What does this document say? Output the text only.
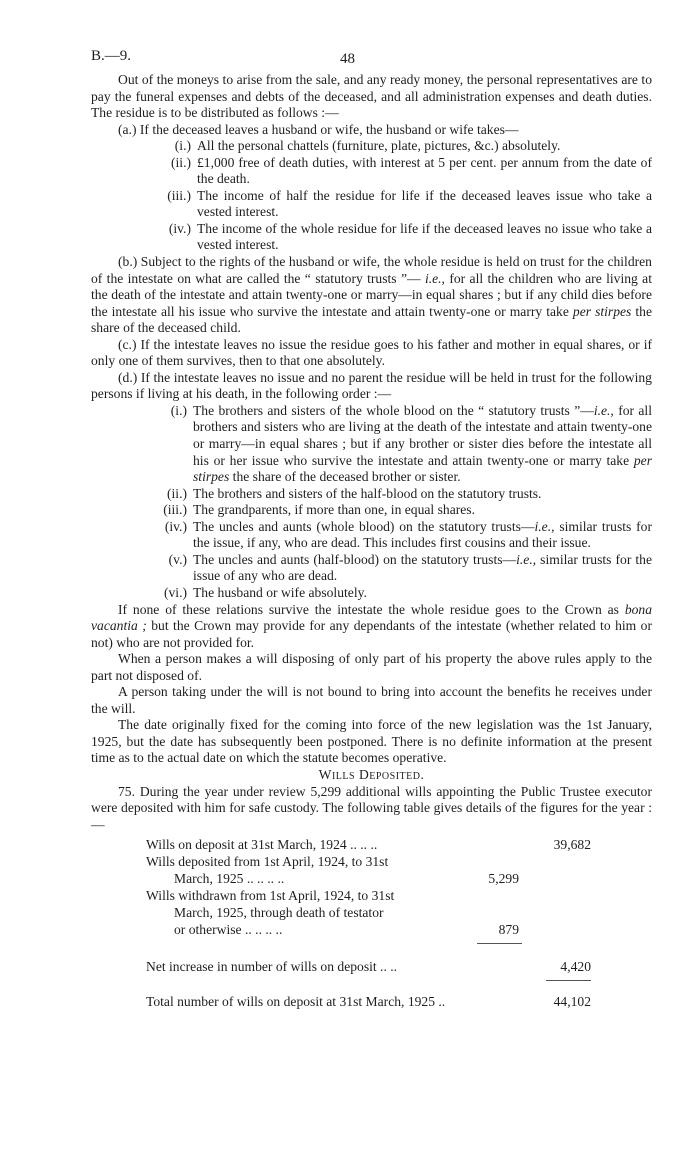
B.—9.	48

Out of the moneys to arise from the sale, and any ready money, the personal representatives are to pay the funeral expenses and debts of the deceased, and all administration expenses and death duties. The residue is to be distributed as follows :—

(a.) If the deceased leaves a husband or wife, the husband or wife takes—

(i.) All the personal chattels (furniture, plate, pictures, &c.) absolutely.
(ii.) £1,000 free of death duties, with interest at 5 per cent. per annum from the date of the death.
(iii.) The income of half the residue for life if the deceased leaves issue who take a vested interest.
(iv.) The income of the whole residue for life if the deceased leaves no issue who take a vested interest.

(b.) Subject to the rights of the husband or wife, the whole residue is held on trust for the children of the intestate on what are called the “ statutory trusts ”— i.e., for all the children who are living at the death of the intestate and attain twenty-one or marry—in equal shares ; but if any child dies before the intestate all his issue who survive the intestate and attain twenty-one or marry take per stirpes the share of the deceased child.

(c.) If the intestate leaves no issue the residue goes to his father and mother in equal shares, or if only one of them survives, then to that one absolutely.

(d.) If the intestate leaves no issue and no parent the residue will be held in trust for the following persons if living at his death, in the following order :—

(i.) The brothers and sisters of the whole blood on the “ statutory trusts ”—i.e., for all brothers and sisters who are living at the death of the intestate and attain twenty-one or marry—in equal shares ; but if any brother or sister dies before the intestate all his or her issue who survive the intestate and attain twenty-one or marry take per stirpes the share of the deceased brother or sister.
(ii.) The brothers and sisters of the half-blood on the statutory trusts.
(iii.) The grandparents, if more than one, in equal shares.
(iv.) The uncles and aunts (whole blood) on the statutory trusts—i.e., similar trusts for the issue, if any, who are dead. This includes first cousins and their issue.
(v.) The uncles and aunts (half-blood) on the statutory trusts—i.e., similar trusts for the issue of any who are dead.
(vi.) The husband or wife absolutely.

If none of these relations survive the intestate the whole residue goes to the Crown as bona vacantia ; but the Crown may provide for any dependants of the intestate (whether related to him or not) who are not provided for.

When a person makes a will disposing of only part of his property the above rules apply to the part not disposed of.

A person taking under the will is not bound to bring into account the benefits he receives under the will.

The date originally fixed for the coming into force of the new legislation was the 1st January, 1925, but the date has subsequently been postponed. There is no definite information at the present time as to the actual date on which the statute becomes operative.

Wills Deposited.

75. During the year under review 5,299 additional wills appointing the Public Trustee executor were deposited with him for safe custody. The following table gives details of the figures for the year :—

Wills on deposit at 31st March, 1924 .. .. ..	39,682
Wills deposited from 1st April, 1924, to 31st
March, 1925 .. .. .. ..	5,299
Wills withdrawn from 1st April, 1924, to 31st
March, 1925, through death of testator
or otherwise .. .. .. ..	879
Net increase in number of wills on deposit .. ..	4,420
Total number of wills on deposit at 31st March, 1925 ..	44,102
